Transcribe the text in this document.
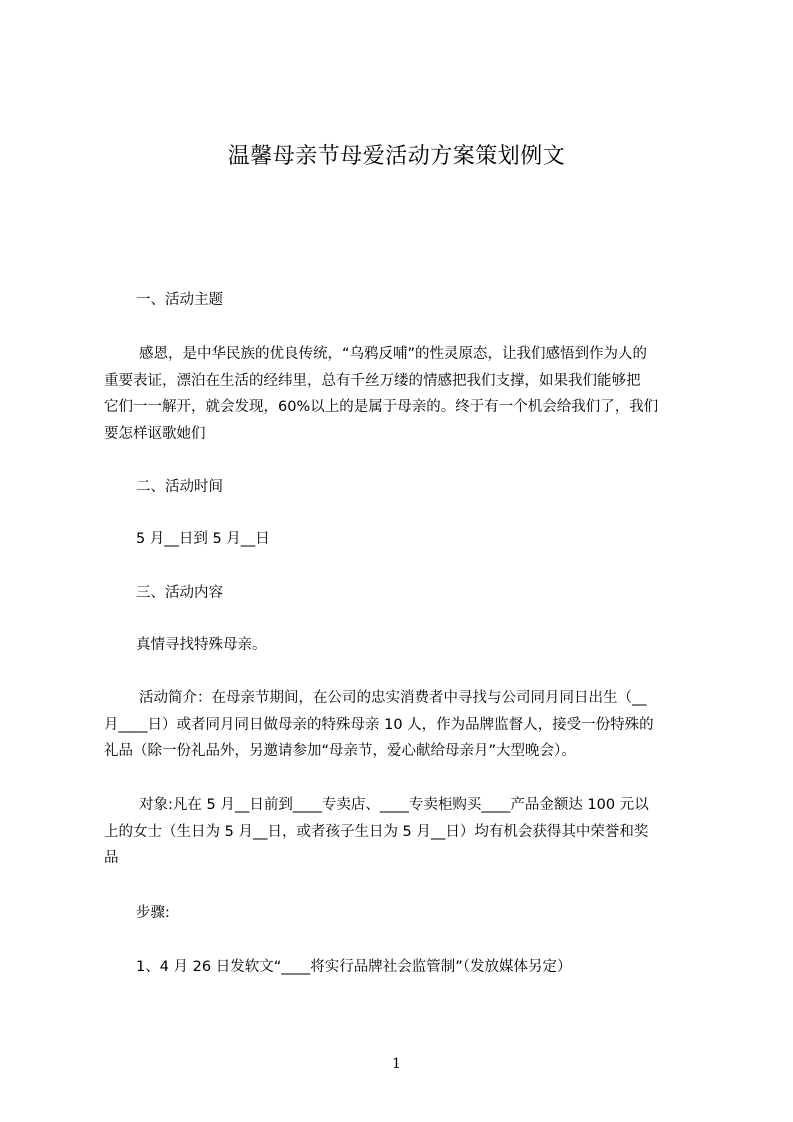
温馨母亲节母爱活动方案策划例文
一、活动主题
感恩，是中华民族的优良传统，“乌鸦反哺”的性灵原态，让我们感悟到作为人的
重要表证，漂泊在生活的经纬里，总有千丝万缕的情感把我们支撑，如果我们能够把
它们一一解开，就会发现，60%以上的是属于母亲的。终于有一个机会给我们了，我们
要怎样讴歌她们
二、活动时间
5 月__日到 5 月__日
三、活动内容
真情寻找特殊母亲。
活动简介：在母亲节期间，在公司的忠实消费者中寻找与公司同月同日出生（__
月____日）或者同月同日做母亲的特殊母亲 10 人，作为品牌监督人，接受一份特殊的
礼品（除一份礼品外，另邀请参加“母亲节，爱心献给母亲月”大型晚会）。
对象:凡在 5 月__日前到____专卖店、____专卖柜购买____产品金额达 100 元以
上的女士（生日为 5 月__日，或者孩子生日为 5 月__日）均有机会获得其中荣誉和奖
品
步骤:
1、4 月 26 日发软文“____将实行品牌社会监管制”（发放媒体另定）
1
